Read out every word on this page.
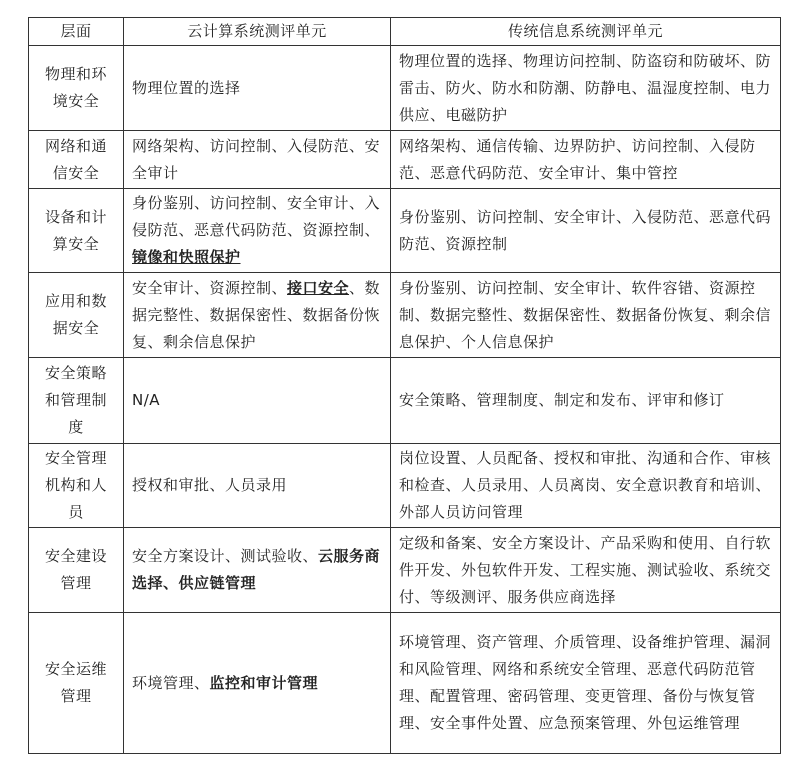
层面	云计算系统测评单元	传统信息系统测评单元
物理和环境安全	物理位置的选择	物理位置的选择、物理访问控制、防盗窃和防破坏、防雷击、防火、防水和防潮、防静电、温湿度控制、电力供应、电磁防护
网络和通信安全	网络架构、访问控制、入侵防范、安全审计	网络架构、通信传输、边界防护、访问控制、入侵防范、恶意代码防范、安全审计、集中管控
设备和计算安全	身份鉴别、访问控制、安全审计、入侵防范、恶意代码防范、资源控制、镜像和快照保护	身份鉴别、访问控制、安全审计、入侵防范、恶意代码防范、资源控制
应用和数据安全	安全审计、资源控制、接口安全、数据完整性、数据保密性、数据备份恢复、剩余信息保护	身份鉴别、访问控制、安全审计、软件容错、资源控制、数据完整性、数据保密性、数据备份恢复、剩余信息保护、个人信息保护
安全策略和管理制度	N/A	安全策略、管理制度、制定和发布、评审和修订
安全管理机构和人员	授权和审批、人员录用	岗位设置、人员配备、授权和审批、沟通和合作、审核和检查、人员录用、人员离岗、安全意识教育和培训、外部人员访问管理
安全建设管理	安全方案设计、测试验收、云服务商选择、供应链管理	定级和备案、安全方案设计、产品采购和使用、自行软件开发、外包软件开发、工程实施、测试验收、系统交付、等级测评、服务供应商选择
安全运维管理	环境管理、监控和审计管理	环境管理、资产管理、介质管理、设备维护管理、漏洞和风险管理、网络和系统安全管理、恶意代码防范管理、配置管理、密码管理、变更管理、备份与恢复管理、安全事件处置、应急预案管理、外包运维管理
